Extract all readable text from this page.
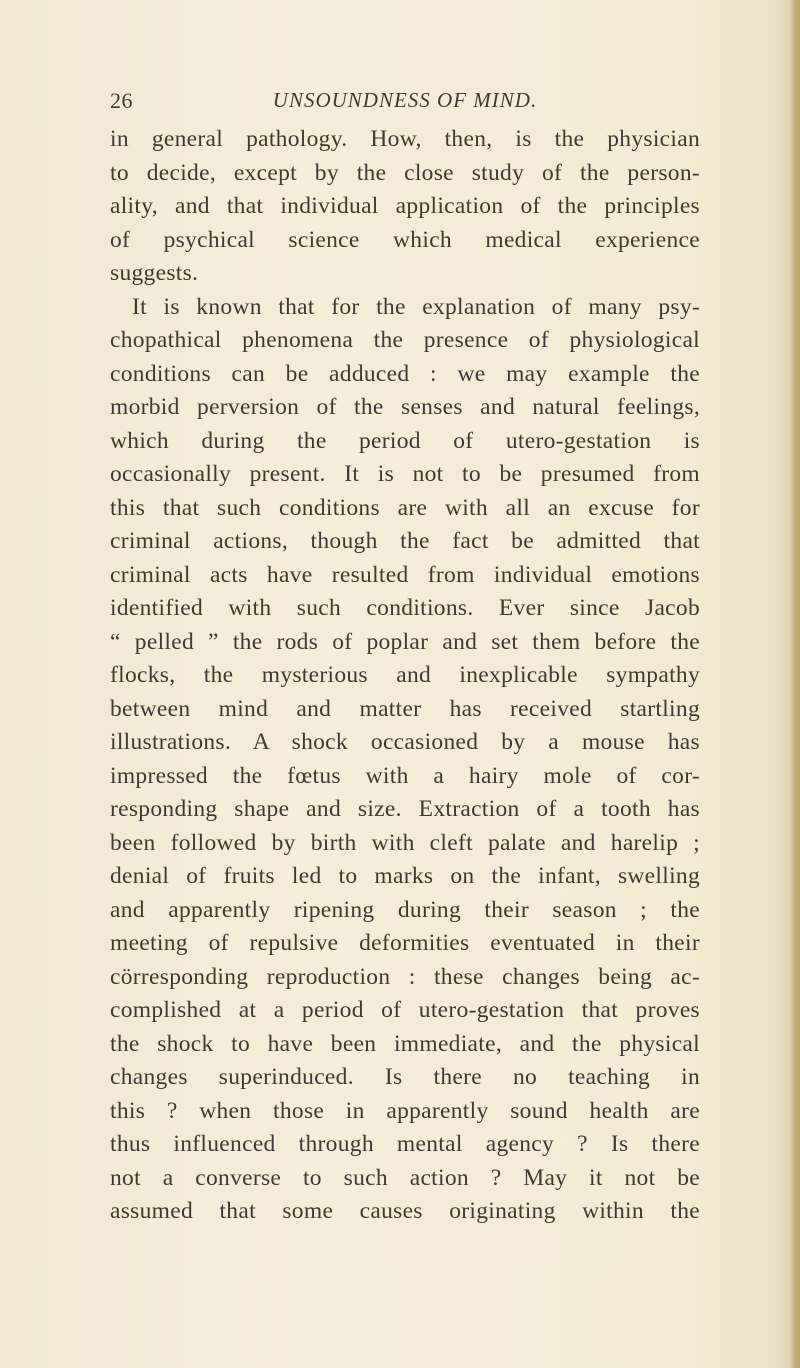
26	UNSOUNDNESS OF MIND.
in general pathology. How, then, is the physician
to decide, except by the close study of the person-
ality, and that individual application of the principles
of psychical science which medical experience
suggests.
It is known that for the explanation of many psy-
chopathical phenomena the presence of physiological
conditions can be adduced : we may example the
morbid perversion of the senses and natural feelings,
which during the period of utero-gestation is
occasionally present. It is not to be presumed from
this that such conditions are with all an excuse for
criminal actions, though the fact be admitted that
criminal acts have resulted from individual emotions
identified with such conditions. Ever since Jacob
“ pelled ” the rods of poplar and set them before the
flocks, the mysterious and inexplicable sympathy
between mind and matter has received startling
illustrations. A shock occasioned by a mouse has
impressed the fœtus with a hairy mole of cor-
responding shape and size. Extraction of a tooth has
been followed by birth with cleft palate and harelip ;
denial of fruits led to marks on the infant, swelling
and apparently ripening during their season ; the
meeting of repulsive deformities eventuated in their
cörresponding reproduction : these changes being ac-
complished at a period of utero-gestation that proves
the shock to have been immediate, and the physical
changes superinduced. Is there no teaching in
this ? when those in apparently sound health are
thus influenced through mental agency ? Is there
not a converse to such action ? May it not be
assumed that some causes originating within the
